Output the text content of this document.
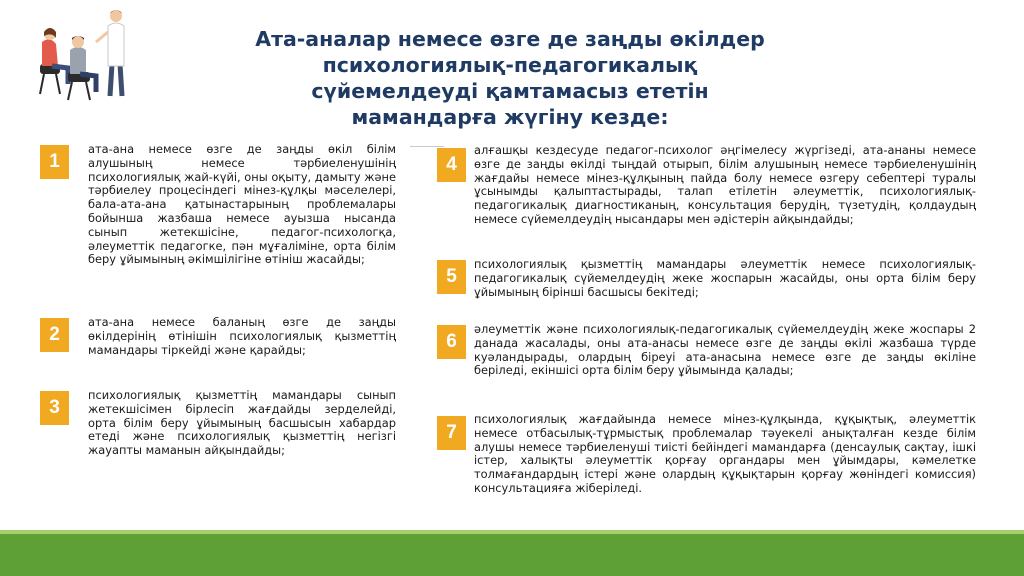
Ата-аналар немесе өзге де заңды өкілдер
психологиялық-педагогикалық
сүйемелдеуді қамтамасыз ететін
мамандарға жүгіну кезде:
1

ата-ана немесе өзге де заңды өкіл білім алушының немесе тәрбиеленушінің психологиялық жай-күйі, оны оқыту, дамыту және тәрбиелеу процесіндегі мінез-құлқы мәселелері, бала-ата-ана қатынастарының проблемалары бойынша жазбаша немесе ауызша нысанда сынып жетекшісіне, педагог-психологқа, әлеуметтік педагогке, пән мұғаліміне, орта білім беру ұйымының әкімшілігіне өтініш жасайды;

2

ата-ана немесе баланың өзге де заңды өкілдерінің өтінішін психологиялық қызметтің мамандары тіркейді және қарайды;

3

психологиялық қызметтің мамандары сынып жетекшісімен бірлесіп жағдайды зерделейді, орта білім беру ұйымының басшысын хабардар етеді және психологиялық қызметтің негізгі жауапты маманын айқындайды;

4

алғашқы кездесуде педагог-психолог әңгімелесу жүргізеді, ата-ананы немесе өзге де заңды өкілді тыңдай отырып, білім алушының немесе тәрбиеленушінің жағдайы немесе мінез-құлқының пайда болу немесе өзгеру себептері туралы ұсынымды қалыптастырады, талап етілетін әлеуметтік, психологиялық-педагогикалық диагностиканың, консультация берудің, түзетудің, қолдаудың немесе сүйемелдеудің нысандары мен әдістерін айқындайды;

5

психологиялық қызметтің мамандары әлеуметтік немесе психологиялық-педагогикалық сүйемелдеудің жеке жоспарын жасайды, оны орта білім беру ұйымының бірінші басшысы бекітеді;

6

әлеуметтік және психологиялық-педагогикалық сүйемелдеудің жеке жоспары 2 данада жасалады, оны ата-анасы немесе өзге де заңды өкілі жазбаша түрде куәландырады, олардың біреуі ата-анасына немесе өзге де заңды өкіліне беріледі, екіншісі орта білім беру ұйымында қалады;

7

психологиялық жағдайында немесе мінез-құлқында, құқықтық, әлеуметтік немесе отбасылық-тұрмыстық проблемалар тәуекелі анықталған кезде білім алушы немесе тәрбиеленуші тиісті бейіндегі мамандарға (денсаулық сақтау, ішкі істер, халықты әлеуметтік қорғау органдары мен ұйымдары, кәмелетке толмағандардың істері және олардың құқықтарын қорғау жөніндегі комиссия) консультацияға жіберіледі.
